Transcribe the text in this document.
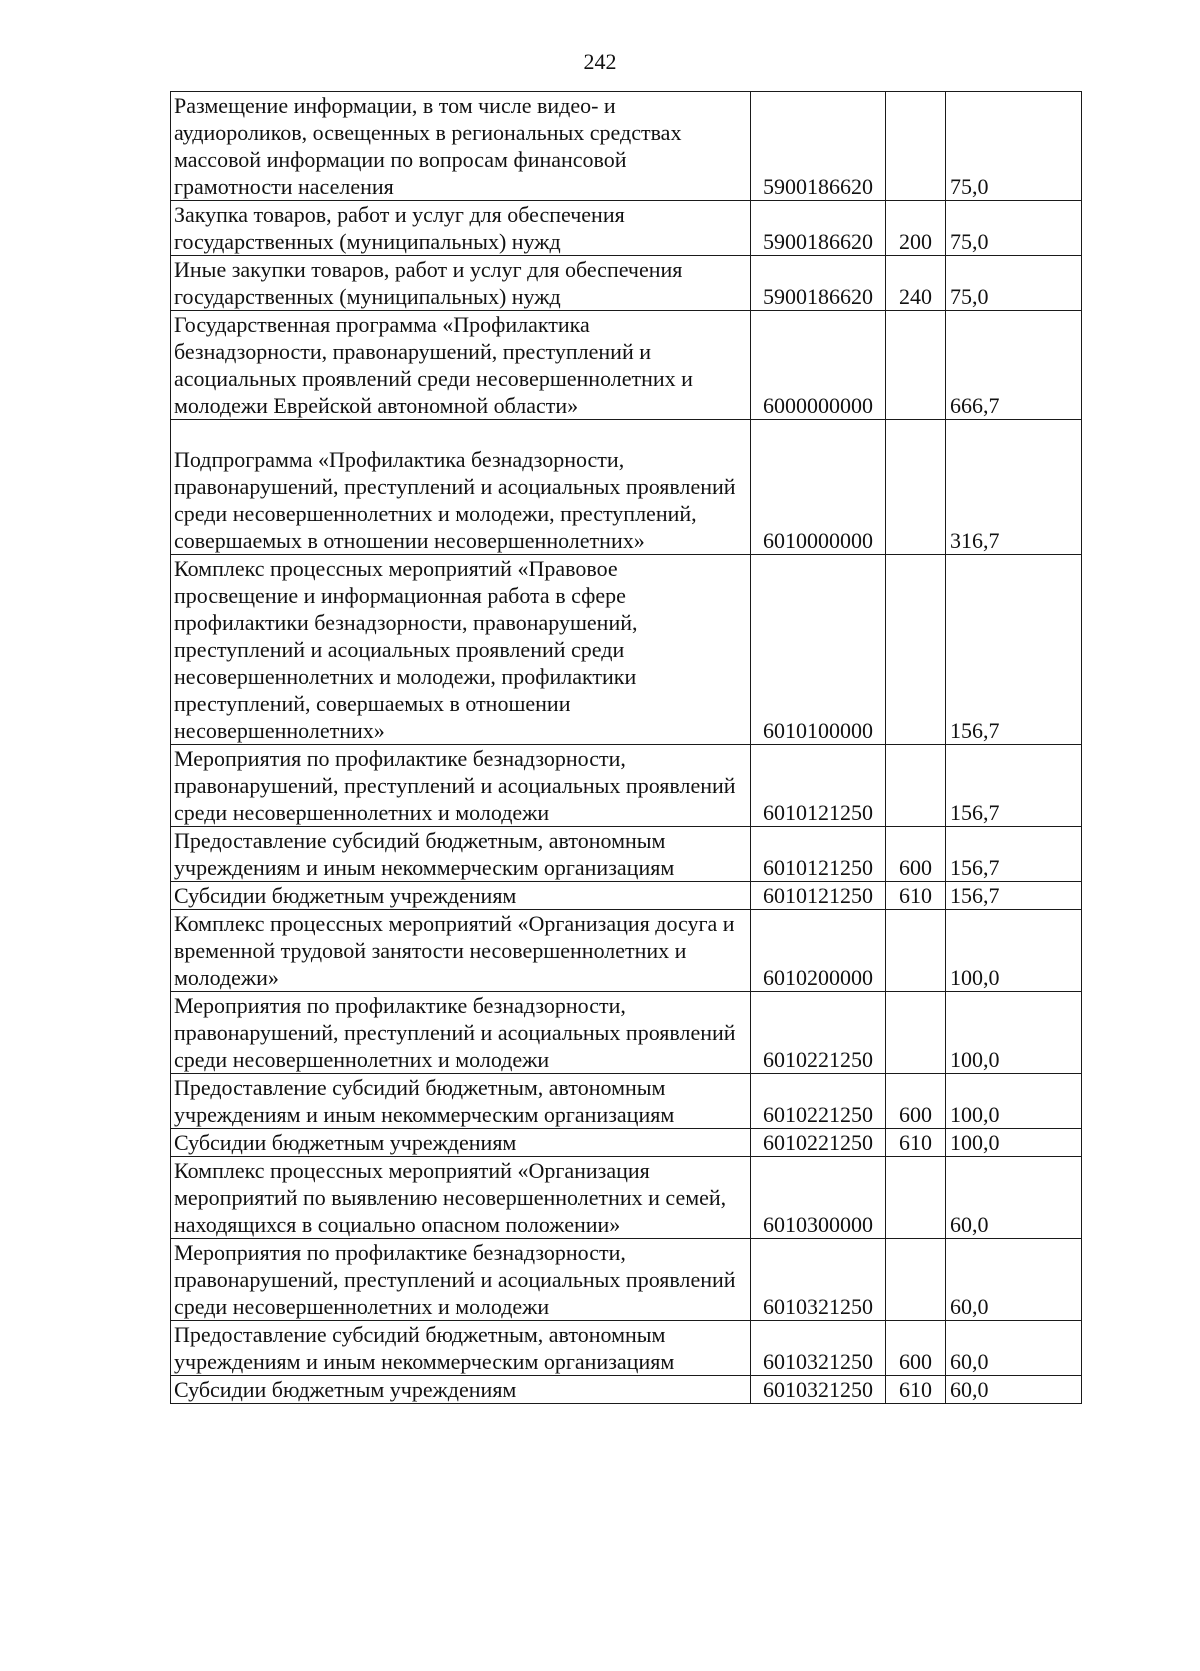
242
Размещение информации, в том числе видео- и аудиороликов, освещенных в региональных средствах массовой информации по вопросам финансовой грамотности населения	5900186620		75,0
Закупка товаров, работ и услуг для обеспечения государственных (муниципальных) нужд	5900186620	200	75,0
Иные закупки товаров, работ и услуг для обеспечения государственных (муниципальных) нужд	5900186620	240	75,0
Государственная программа «Профилактика безнадзорности, правонарушений, преступлений и асоциальных проявлений среди несовершеннолетних и молодежи Еврейской автономной области»	6000000000		666,7
Подпрограмма «Профилактика безнадзорности, правонарушений, преступлений и асоциальных проявлений среди несовершеннолетних и молодежи, преступлений, совершаемых в отношении несовершеннолетних»	6010000000		316,7
Комплекс процессных мероприятий «Правовое просвещение и информационная работа в сфере профилактики безнадзорности, правонарушений, преступлений и асоциальных проявлений среди несовершеннолетних и молодежи, профилактики преступлений, совершаемых в отношении несовершеннолетних»	6010100000		156,7
Мероприятия по профилактике безнадзорности, правонарушений, преступлений и асоциальных проявлений среди несовершеннолетних и молодежи	6010121250		156,7
Предоставление субсидий бюджетным, автономным учреждениям и иным некоммерческим организациям	6010121250	600	156,7
Субсидии бюджетным учреждениям	6010121250	610	156,7
Комплекс процессных мероприятий «Организация досуга и временной трудовой занятости несовершеннолетних и молодежи»	6010200000		100,0
Мероприятия по профилактике безнадзорности, правонарушений, преступлений и асоциальных проявлений среди несовершеннолетних и молодежи	6010221250		100,0
Предоставление субсидий бюджетным, автономным учреждениям и иным некоммерческим организациям	6010221250	600	100,0
Субсидии бюджетным учреждениям	6010221250	610	100,0
Комплекс процессных мероприятий «Организация мероприятий по выявлению несовершеннолетних и семей, находящихся в социально опасном положении»	6010300000		60,0
Мероприятия по профилактике безнадзорности, правонарушений, преступлений и асоциальных проявлений среди несовершеннолетних и молодежи	6010321250		60,0
Предоставление субсидий бюджетным, автономным учреждениям и иным некоммерческим организациям	6010321250	600	60,0
Субсидии бюджетным учреждениям	6010321250	610	60,0
